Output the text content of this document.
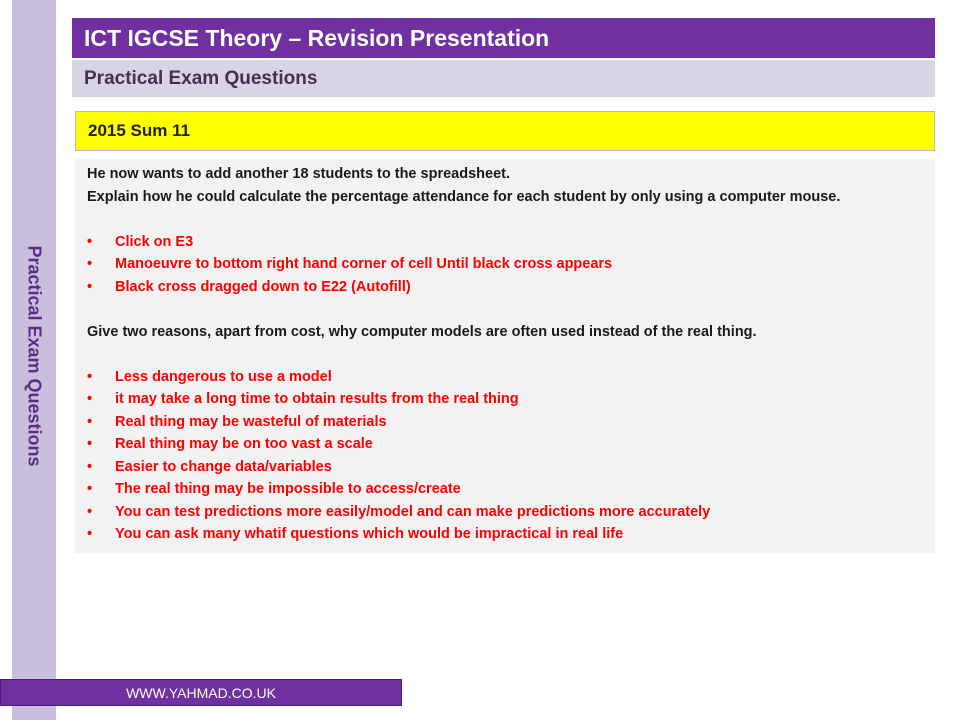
Practical Exam Questions
ICT IGCSE Theory – Revision Presentation
Practical Exam Questions
2015 Sum 11

He now wants to add another 18 students to the spreadsheet.

Explain how he could calculate the percentage attendance for each student by only using a computer mouse.

• Click on E3
• Manoeuvre to bottom right hand corner of cell Until black cross appears
• Black cross dragged down to E22 (Autofill)

Give two reasons, apart from cost, why computer models are often used instead of the real thing.

• Less dangerous to use a model
• it may take a long time to obtain results from the real thing
• Real thing may be wasteful of materials
• Real thing may be on too vast a scale
• Easier to change data/variables
• The real thing may be impossible to access/create
• You can test predictions more easily/model and can make predictions more accurately
• You can ask many whatif questions which would be impractical in real life
WWW.YAHMAD.CO.UK
